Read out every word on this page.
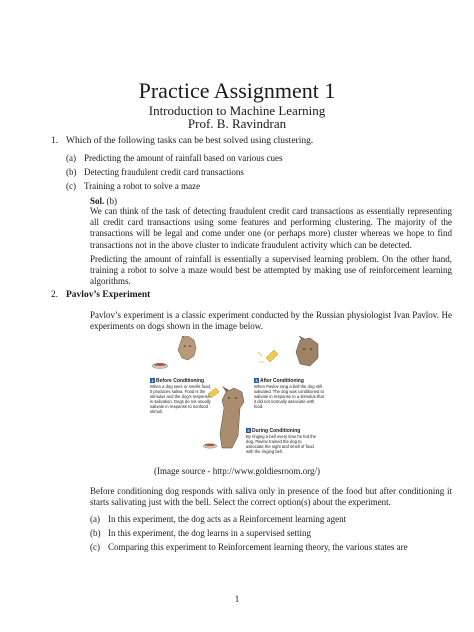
Practice Assignment 1
Introduction to Machine Learning
Prof. B. Ravindran
1. Which of the following tasks can be best solved using clustering.
(a) Predicting the amount of rainfall based on various cues
(b) Detecting fraudulent credit card transactions
(c) Training a robot to solve a maze
Sol. (b)
We can think of the task of detecting fraudulent credit card transactions as essentially representing all credit card transactions using some features and performing clustering. The majority of the transactions will be legal and come under one (or perhaps more) cluster whereas we hope to find transactions not in the above cluster to indicate fraudulent activity which can be detected.
Predicting the amount of rainfall is essentially a supervised learning problem. On the other hand, training a robot to solve a maze would best be attempted by making use of reinforcement learning algorithms.
2. Pavlov’s Experiment
Pavlov’s experiment is a classic experiment conducted by the Russian physiologist Ivan Pavlov. He experiments on dogs shown in the image below.
1 Before Conditioning
When a dog sees or smells food, it produces saliva. Food is the stimulus and the dog’s response is salivation. Dogs do not usually salivate in response to nonfood stimuli.
3 After Conditioning
When Pavlov rang a bell the dog still salivated. The dog was conditioned to salivate in response to a stimulus that it did not normally associate with food.
2 During Conditioning
By ringing a bell every time he fed the dog, Pavlov trained the dog to associate the sight and smell of food with the ringing bell.
(Image source - http://www.goldiesroom.org/)
Before conditioning dog responds with saliva only in presence of the food but after conditioning it starts salivating just with the bell. Select the correct option(s) about the experiment.
(a) In this experiment, the dog acts as a Reinforcement learning agent
(b) In this experiment, the dog learns in a supervised setting
(c) Comparing this experiment to Reinforcement learning theory, the various states are
1
